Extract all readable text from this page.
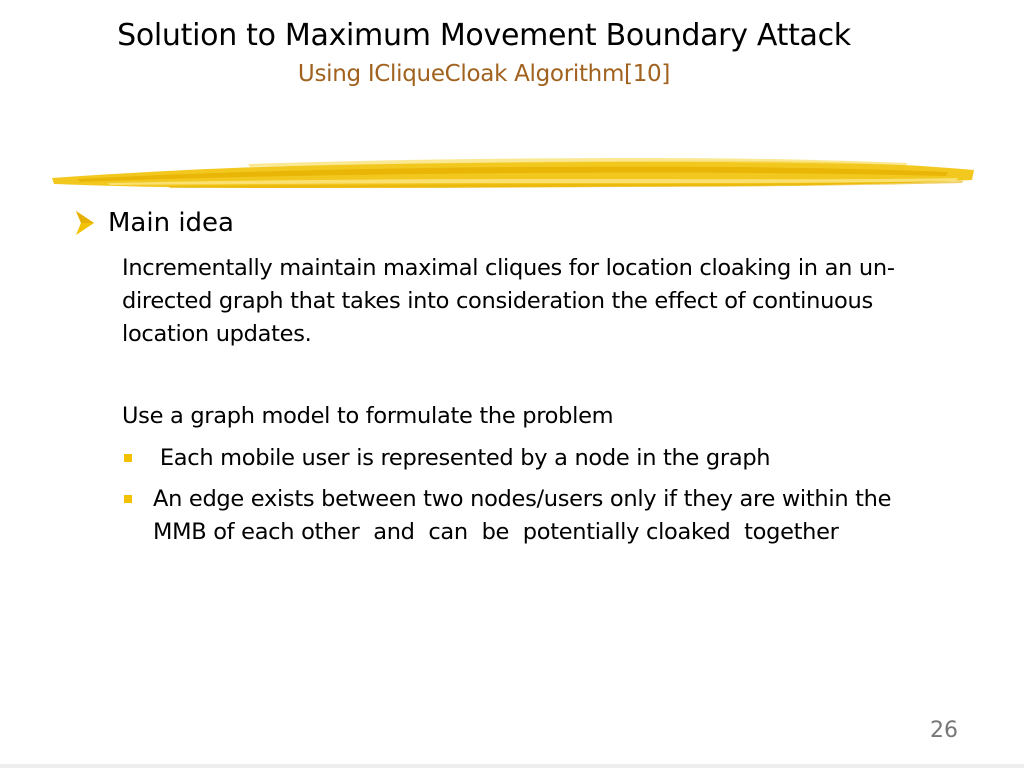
Solution to Maximum Movement Boundary Attack
Using ICliqueCloak Algorithm[10]
Main idea
Incrementally maintain maximal cliques for location cloaking in an un-directed graph that takes into consideration the effect of continuous location updates.
Use a graph model to formulate the problem
Each mobile user is represented by a node in the graph
An edge exists between two nodes/users only if they are within the MMB of each other  and  can  be  potentially cloaked  together
26
